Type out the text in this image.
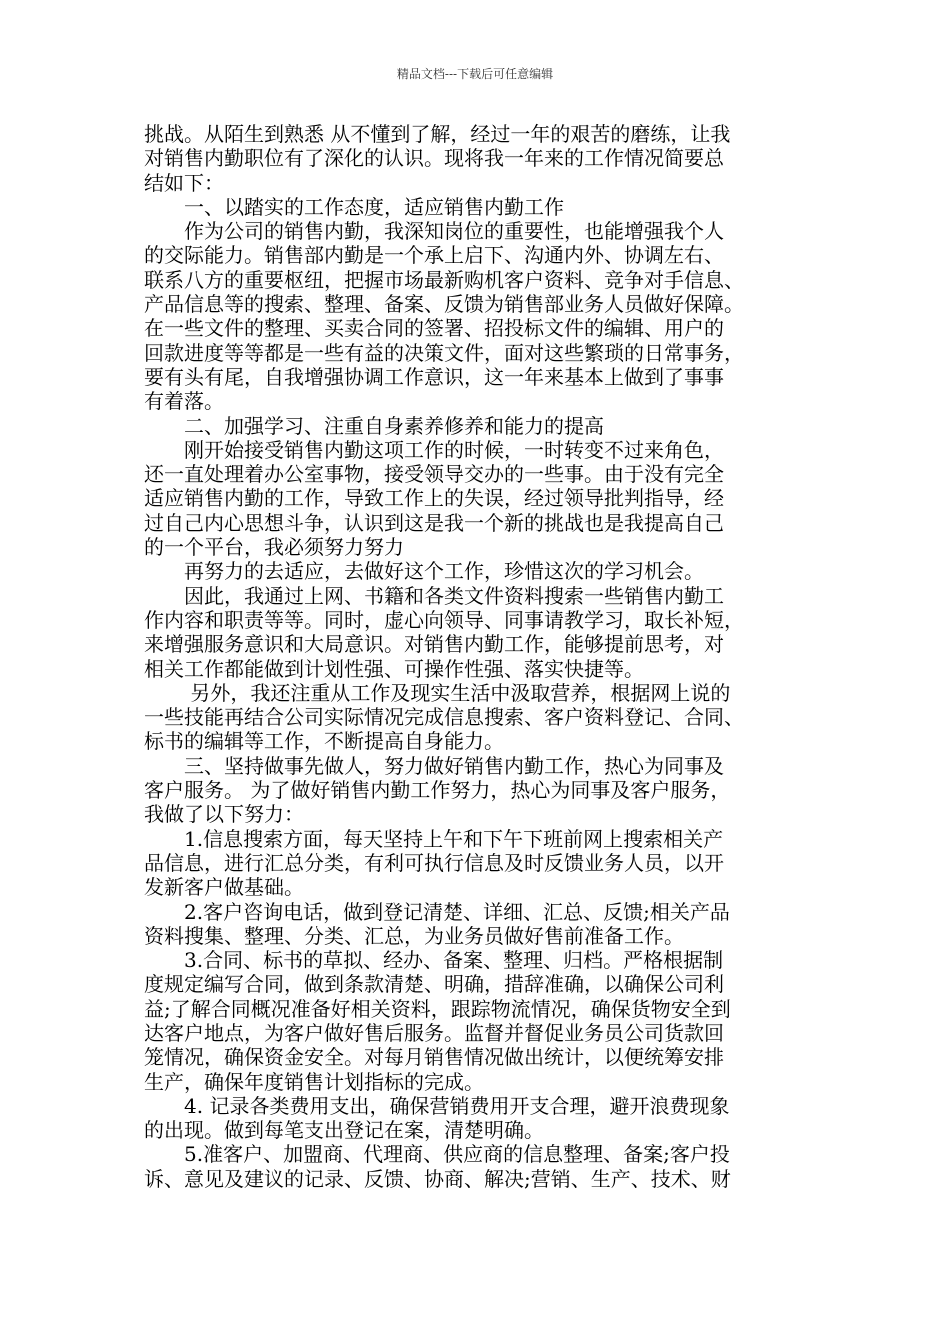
精品文档---下载后可任意编辑
挑战。从陌生到熟悉 从不懂到了解，经过一年的艰苦的磨练，让我
对销售内勤职位有了深化的认识。现将我一年来的工作情况简要总
结如下：
　　一、以踏实的工作态度，适应销售内勤工作
　　作为公司的销售内勤，我深知岗位的重要性，也能增强我个人
的交际能力。销售部内勤是一个承上启下、沟通内外、协调左右、
联系八方的重要枢纽，把握市场最新购机客户资料、竞争对手信息、
产品信息等的搜索、整理、备案、反馈为销售部业务人员做好保障。
在一些文件的整理、买卖合同的签署、招投标文件的编辑、用户的
回款进度等等都是一些有益的决策文件，面对这些繁琐的日常事务，
要有头有尾，自我增强协调工作意识，这一年来基本上做到了事事
有着落。
　　二、加强学习、注重自身素养修养和能力的提高
　　刚开始接受销售内勤这项工作的时候，一时转变不过来角色，
还一直处理着办公室事物，接受领导交办的一些事。由于没有完全
适应销售内勤的工作，导致工作上的失误，经过领导批判指导，经
过自己内心思想斗争，认识到这是我一个新的挑战也是我提高自己
的一个平台，我必须努力努力
　　再努力的去适应，去做好这个工作，珍惜这次的学习机会。
　　因此，我通过上网、书籍和各类文件资料搜索一些销售内勤工
作内容和职责等等。同时，虚心向领导、同事请教学习，取长补短，
来增强服务意识和大局意识。对销售内勤工作，能够提前思考，对
相关工作都能做到计划性强、可操作性强、落实快捷等。
　　 另外，我还注重从工作及现实生活中汲取营养，根据网上说的
一些技能再结合公司实际情况完成信息搜索、客户资料登记、合同、
标书的编辑等工作，不断提高自身能力。
　　三、坚持做事先做人，努力做好销售内勤工作，热心为同事及
客户服务。 为了做好销售内勤工作努力，热心为同事及客户服务，
我做了以下努力：
　　1.信息搜索方面，每天坚持上午和下午下班前网上搜索相关产
品信息，进行汇总分类，有利可执行信息及时反馈业务人员，以开
发新客户做基础。
　　2.客户咨询电话，做到登记清楚、详细、汇总、反馈;相关产品
资料搜集、整理、分类、汇总，为业务员做好售前准备工作。
　　3.合同、标书的草拟、经办、备案、整理、归档。严格根据制
度规定编写合同，做到条款清楚、明确，措辞准确，以确保公司利
益;了解合同概况准备好相关资料，跟踪物流情况，确保货物安全到
达客户地点，为客户做好售后服务。监督并督促业务员公司货款回
笼情况，确保资金安全。对每月销售情况做出统计，以便统筹安排
生产，确保年度销售计划指标的完成。
　　4. 记录各类费用支出，确保营销费用开支合理，避开浪费现象
的出现。做到每笔支出登记在案，清楚明确。
　　5.准客户、加盟商、代理商、供应商的信息整理、备案;客户投
诉、意见及建议的记录、反馈、协商、解决;营销、生产、技术、财
